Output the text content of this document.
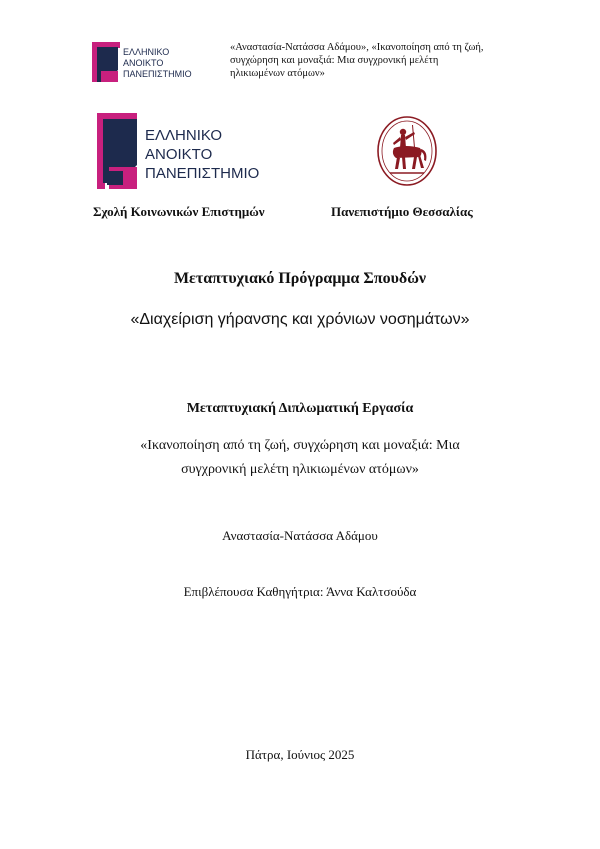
ΕΛΛΗΝΙΚΟ
ΑΝΟΙΚΤΟ
ΠΑΝΕΠΙΣΤΗΜΙΟ
«Αναστασία-Νατάσσα Αδάμου», «Ικανοποίηση από τη ζωή,
συγχώρηση και μοναξιά: Μια συγχρονική μελέτη
ηλικιωμένων ατόμων»
ΕΛΛΗΝΙΚΟ
ΑΝΟΙΚΤΟ
ΠΑΝΕΠΙΣΤΗΜΙΟ
Σχολή Κοινωνικών Επιστημών	Πανεπιστήμιο Θεσσαλίας
Μεταπτυχιακό Πρόγραμμα Σπουδών
«Διαχείριση γήρανσης και χρόνιων νοσημάτων»
Μεταπτυχιακή Διπλωματική Εργασία
«Ικανοποίηση από τη ζωή, συγχώρηση και μοναξιά: Μια
συγχρονική μελέτη ηλικιωμένων ατόμων»
Αναστασία-Νατάσσα Αδάμου
Επιβλέπουσα Καθηγήτρια: Άννα Καλτσούδα
Πάτρα, Ιούνιος 2025
